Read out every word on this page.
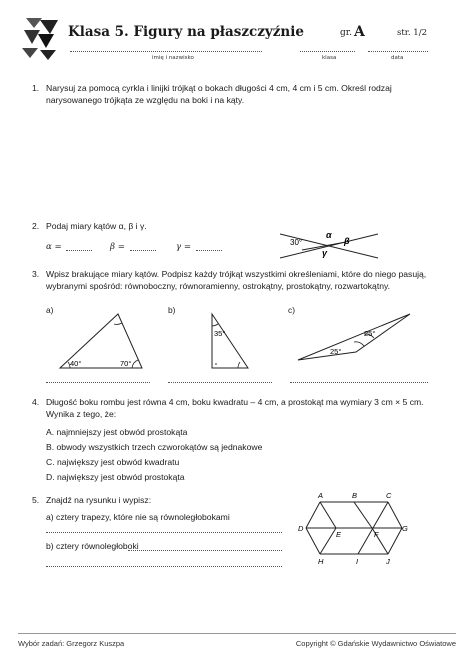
Klasa 5. Figury na płaszczyźnie	gr. A	str. 1/2
imię i nazwisko	klasa	data
1. Narysuj za pomocą cyrkla i linijki trójkąt o bokach długości 4 cm, 4 cm i 5 cm. Określ rodzaj narysowanego trójkąta ze względu na boki i na kąty.
2. Podaj miary kątów α, β i γ.
α =	β =	γ =	30°
α
β
γ
3. Wpisz brakujące miary kątów. Podpisz każdy trójkąt wszystkimi określeniami, które do niego pasują, wybranymi spośród: równoboczny, równoramienny, ostrokątny, prostokątny, rozwartokątny.
a)	b)	c)
40°	70°
35°	25°
25°
4. Długość boku rombu jest równa 4 cm, boku kwadratu – 4 cm, a prostokąt ma wymiary 3 cm × 5 cm. Wynika z tego, że:
A. najmniejszy jest obwód prostokąta
B. obwody wszystkich trzech czworokątów są jednakowe
C. największy jest obwód kwadratu
D. największy jest obwód prostokąta
5. Znajdź na rysunku i wypisz:
a) cztery trapezy, które nie są równoległobokami
b) cztery równoległoboki
A	B	C
D
E	F
G
H	I	J
Wybór zadań: Grzegorz Kuszpa	Copyright © Gdańskie Wydawnictwo Oświatowe
